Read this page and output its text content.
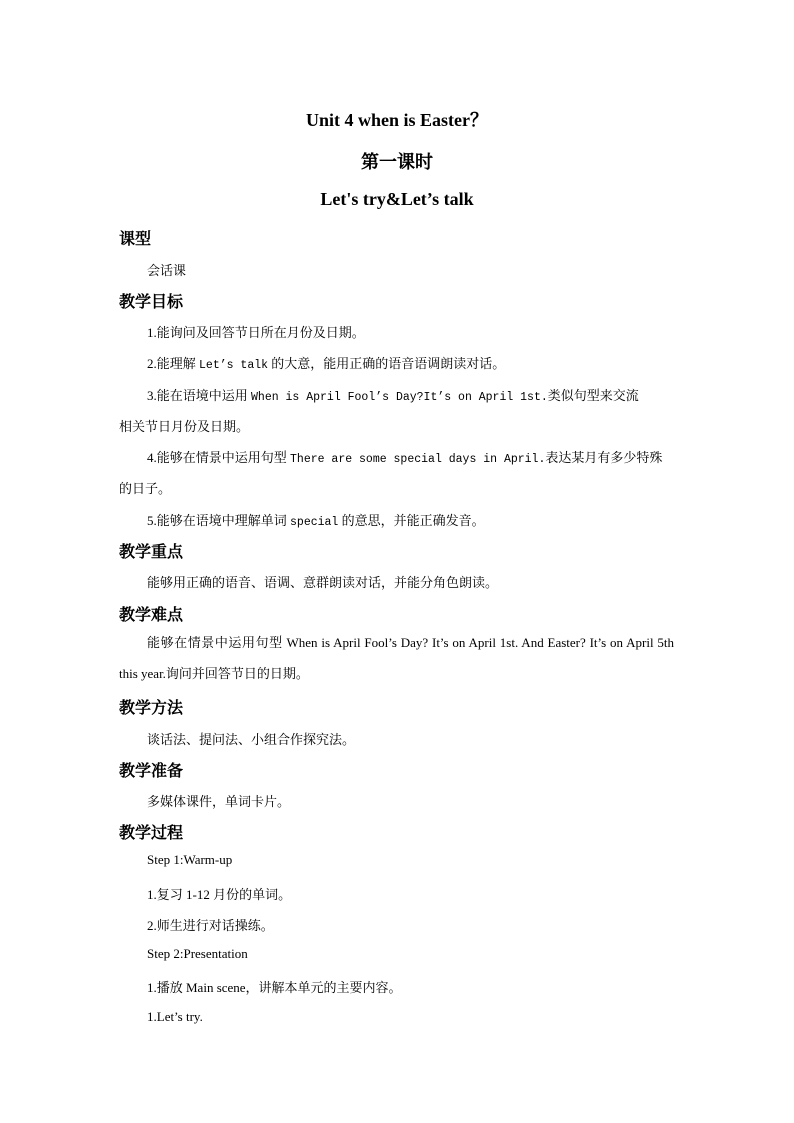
Unit 4 when is Easter？
第一课时
Let's try&Let’s talk
课型
会话课
教学目标
1.能询问及回答节日所在月份及日期。
2.能理解 Let’s talk 的大意，能用正确的语音语调朗读对话。
3.能在语境中运用 When is April Fool’s Day?It’s on April 1st.类似句型来交流
相关节日月份及日期。
4.能够在情景中运用句型 There are some special days in April.表达某月有多少特殊
的日子。
5.能够在语境中理解单词 special 的意思，并能正确发音。
教学重点
能够用正确的语音、语调、意群朗读对话，并能分角色朗读。
教学难点
能够在情景中运用句型 When is April Fool’s Day? It’s on April 1st. And Easter? It’s on April 5th this year.询问并回答节日的日期。
教学方法
谈话法、提问法、小组合作探究法。
教学准备
多媒体课件，单词卡片。
教学过程
Step 1:Warm-up
1.复习 1-12 月份的单词。
2.师生进行对话操练。
Step 2:Presentation
1.播放 Main scene，讲解本单元的主要内容。
1.Let’s try.
